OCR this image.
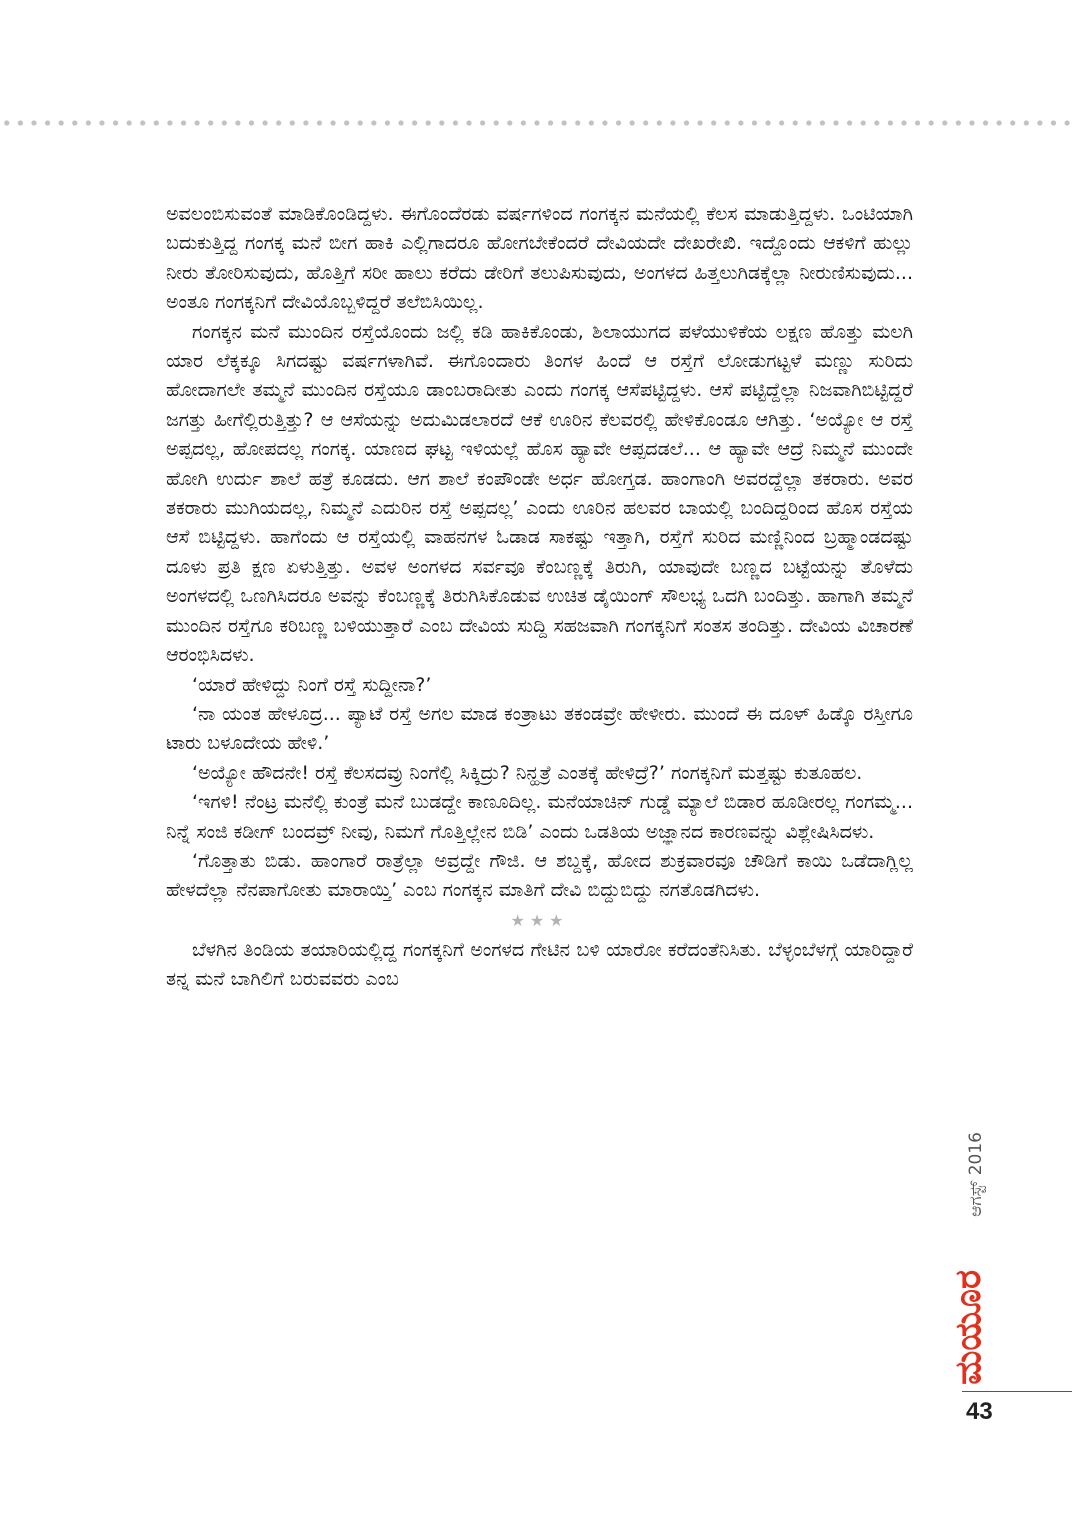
ಅವಲಂಬಿಸುವಂತೆ ಮಾಡಿಕೊಂಡಿದ್ದಳು. ಈಗೊಂದೆರಡು ವರ್ಷಗಳಿಂದ ಗಂಗಕ್ಕನ ಮನೆಯಲ್ಲಿ ಕೆಲಸ ಮಾಡುತ್ತಿದ್ದಳು. ಒಂಟಿಯಾಗಿ ಬದುಕುತ್ತಿದ್ದ ಗಂಗಕ್ಕ ಮನೆ ಬೀಗ ಹಾಕಿ ಎಲ್ಲಿಗಾದರೂ ಹೋಗಬೇಕೆಂದರೆ ದೇವಿಯದೇ ದೇಖರೇಖಿ. ಇದ್ದೊಂದು ಆಕಳಿಗೆ ಹುಲ್ಲು ನೀರು ತೋರಿಸುವುದು, ಹೊತ್ತಿಗೆ ಸರೀ ಹಾಲು ಕರೆದು ಡೇರಿಗೆ ತಲುಪಿಸುವುದು, ಅಂಗಳದ ಹಿತ್ತಲುಗಿಡಕ್ಕೆಲ್ಲಾ ನೀರುಣಿಸುವುದು... ಅಂತೂ ಗಂಗಕ್ಕನಿಗೆ ದೇವಿಯೊಬ್ಬಳಿದ್ದರೆ ತಲೆಬಿಸಿಯಿಲ್ಲ.

ಗಂಗಕ್ಕನ ಮನೆ ಮುಂದಿನ ರಸ್ತೆಯೊಂದು ಜಲ್ಲಿ ಕಡಿ ಹಾಕಿಕೊಂಡು, ಶಿಲಾಯುಗದ ಪಳೆಯುಳಿಕೆಯ ಲಕ್ಷಣ ಹೊತ್ತು ಮಲಗಿ ಯಾರ ಲೆಕ್ಕಕ್ಕೂ ಸಿಗದಷ್ಟು ವರ್ಷಗಳಾಗಿವೆ. ಈಗೊಂದಾರು ತಿಂಗಳ ಹಿಂದೆ ಆ ರಸ್ತೆಗೆ ಲೋಡುಗಟ್ಟಳೆ ಮಣ್ಣು ಸುರಿದು ಹೋದಾಗಲೇ ತಮ್ಮನೆ ಮುಂದಿನ ರಸ್ತೆಯೂ ಡಾಂಬರಾದೀತು ಎಂದು ಗಂಗಕ್ಕ ಆಸೆಪಟ್ಟಿದ್ದಳು. ಆಸೆ ಪಟ್ಟಿದ್ದೆಲ್ಲಾ ನಿಜವಾಗಿಬಿಟ್ಟಿದ್ದರೆ ಜಗತ್ತು ಹೀಗೆಲ್ಲಿರುತ್ತಿತ್ತು? ಆ ಆಸೆಯನ್ನು ಅದುಮಿಡಲಾರದೆ ಆಕೆ ಊರಿನ ಕೆಲವರಲ್ಲಿ ಹೇಳಿಕೊಂಡೂ ಆಗಿತ್ತು. ‘ಅಯ್ಯೋ ಆ ರಸ್ತೆ ಅಪ್ಪದಲ್ಲ, ಹೋಪದಲ್ಲ ಗಂಗಕ್ಕ. ಯಾಣದ ಘಟ್ಟ ಇಳಿಯಲ್ಲೆ ಹೊಸ ಹ್ಯಾವೇ ಆಪ್ಪದಡಲೆ... ಆ ಹ್ಯಾವೇ ಆದ್ರೆ ನಿಮ್ಮನೆ ಮುಂದೇ ಹೋಗಿ ಉರ್ದು ಶಾಲೆ ಹತ್ರೆ ಕೂಡದು. ಆಗ ಶಾಲೆ ಕಂಪೌಂಡೇ ಅರ್ಧ ಹೋಗ್ತಡ. ಹಾಂಗಾಂಗಿ ಅವರದ್ದೆಲ್ಲಾ ತಕರಾರು. ಅವರ ತಕರಾರು ಮುಗಿಯದಲ್ಲ, ನಿಮ್ಮನೆ ಎದುರಿನ ರಸ್ತೆ ಅಪ್ಪದಲ್ಲ’ ಎಂದು ಊರಿನ ಹಲವರ ಬಾಯಲ್ಲಿ ಬಂದಿದ್ದರಿಂದ ಹೊಸ ರಸ್ತೆಯ ಆಸೆ ಬಿಟ್ಟಿದ್ದಳು. ಹಾಗೆಂದು ಆ ರಸ್ತೆಯಲ್ಲಿ ವಾಹನಗಳ ಓಡಾಡ ಸಾಕಷ್ಟು ಇತ್ತಾಗಿ, ರಸ್ತೆಗೆ ಸುರಿದ ಮಣ್ಣಿನಿಂದ ಬ್ರಹ್ಮಾಂಡದಷ್ಟು ದೂಳು ಪ್ರತಿ ಕ್ಷಣ ಏಳುತ್ತಿತ್ತು. ಅವಳ ಅಂಗಳದ ಸರ್ವವೂ ಕೆಂಬಣ್ಣಕ್ಕೆ ತಿರುಗಿ, ಯಾವುದೇ ಬಣ್ಣದ ಬಟ್ಟೆಯನ್ನು ತೊಳೆದು ಅಂಗಳದಲ್ಲಿ ಒಣಗಿಸಿದರೂ ಅವನ್ನು ಕೆಂಬಣ್ಣಕ್ಕೆ ತಿರುಗಿಸಿಕೊಡುವ ಉಚಿತ ಡೈಯಿಂಗ್ ಸೌಲಭ್ಯ ಒದಗಿ ಬಂದಿತ್ತು. ಹಾಗಾಗಿ ತಮ್ಮನೆ ಮುಂದಿನ ರಸ್ತೆಗೂ ಕರಿಬಣ್ಣ ಬಳಿಯುತ್ತಾರೆ ಎಂಬ ದೇವಿಯ ಸುದ್ದಿ ಸಹಜವಾಗಿ ಗಂಗಕ್ಕನಿಗೆ ಸಂತಸ ತಂದಿತ್ತು. ದೇವಿಯ ವಿಚಾರಣೆ ಆರಂಭಿಸಿದಳು.

‘ಯಾರೆ ಹೇಳಿದ್ದು ನಿಂಗೆ ರಸ್ತೆ ಸುದ್ದೀನಾ?’

‘ನಾ ಯಂತ ಹೇಳೂದ್ರ... ಪ್ಯಾಟೆ ರಸ್ತೆ ಅಗಲ ಮಾಡ ಕಂತ್ರಾಟು ತಕಂಡವ್ರೇ ಹೇಳೀರು. ಮುಂದೆ ಈ ದೂಳ್ ಹಿಡ್ಕೊ ರಸ್ತೀಗೂ ಟಾರು ಬಳೂದೇಯ ಹೇಳಿ.’

‘ಅಯ್ಯೋ ಹೌದನೇ! ರಸ್ತೆ ಕೆಲಸದವ್ರು ನಿಂಗೆಲ್ಲಿ ಸಿಕ್ಕಿದ್ರು? ನಿನ್ಹತ್ರೆ ಎಂತಕ್ಕೆ ಹೇಳಿದ್ರೆ?’ ಗಂಗಕ್ಕನಿಗೆ ಮತ್ತಷ್ಟು ಕುತೂಹಲ.

‘ಇಗಳಿ! ನೆಂಟ್ರ ಮನೆಲ್ಲಿ ಕುಂತ್ರೆ ಮನೆ ಬುಡದ್ದೇ ಕಾಣೂದಿಲ್ಲ. ಮನೆಯಾಚಿನ್ ಗುಡ್ಡೆ ಮ್ಯಾಲೆ ಬಿಡಾರ ಹೂಡೀರಲ್ಲ ಗಂಗಮ್ಮ... ನಿನ್ನೆ ಸಂಜಿ ಕಡೀಗ್ ಬಂದವ್ರ್ ನೀವು, ನಿಮಗೆ ಗೊತ್ತಿಲ್ಲೇನ ಬಿಡಿ’ ಎಂದು ಒಡತಿಯ ಅಜ್ಞಾನದ ಕಾರಣವನ್ನು ವಿಶ್ಲೇಷಿಸಿದಳು.

‘ಗೊತ್ತಾತು ಬಿಡು. ಹಾಂಗಾರೆ ರಾತ್ರೆಲ್ಲಾ ಅವ್ರದ್ದೇ ಗೌಜಿ. ಆ ಶಬ್ದಕ್ಕೆ, ಹೋದ ಶುಕ್ರವಾರವೂ ಚೌಡಿಗೆ ಕಾಯಿ ಒಡೆದಾಗ್ಲಿಲ್ಲ ಹೇಳದೆಲ್ಲಾ ನೆನಪಾಗೋತು ಮಾರಾಯ್ತಿ’ ಎಂಬ ಗಂಗಕ್ಕನ ಮಾತಿಗೆ ದೇವಿ ಬಿದ್ದುಬಿದ್ದು ನಗತೊಡಗಿದಳು.

★★★

ಬೆಳಗಿನ ತಿಂಡಿಯ ತಯಾರಿಯಲ್ಲಿದ್ದ ಗಂಗಕ್ಕನಿಗೆ ಅಂಗಳದ ಗೇಟಿನ ಬಳಿ ಯಾರೋ ಕರೆದಂತೆನಿಸಿತು. ಬೆಳ್ಳಂಬೆಳಗ್ಗೆ ಯಾರಿದ್ದಾರೆ ತನ್ನ ಮನೆ ಬಾಗಿಲಿಗೆ ಬರುವವರು ಎಂಬ

ಆಗಸ್ಟ್ 2016
ಮಯೂರ
43
